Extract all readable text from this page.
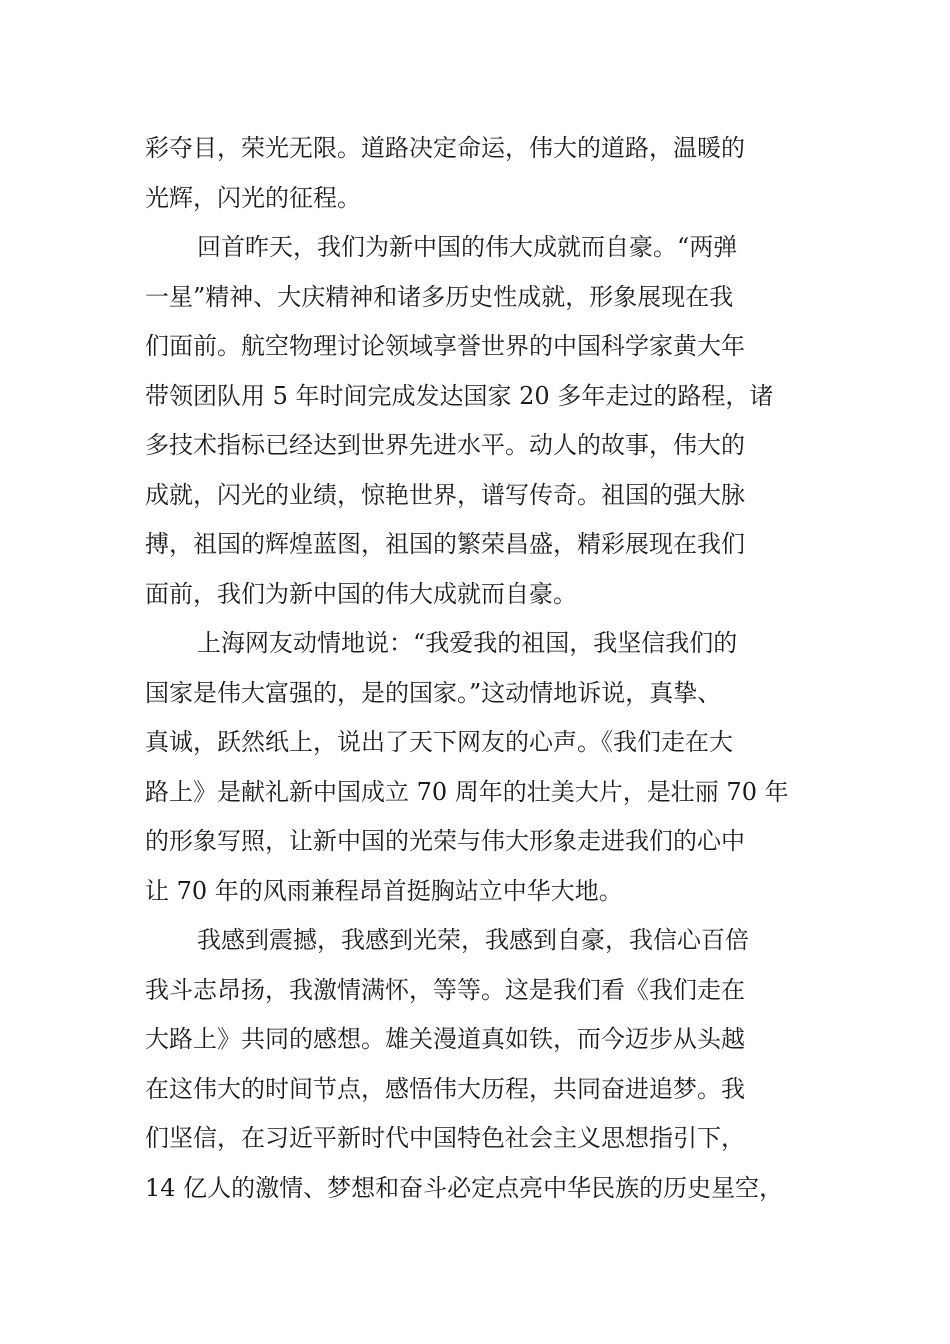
彩夺目，荣光无限。道路决定命运，伟大的道路，温暖的
光辉，闪光的征程。
回首昨天，我们为新中国的伟大成就而自豪。“两弹
一星”精神、大庆精神和诸多历史性成就，形象展现在我
们面前。航空物理讨论领域享誉世界的中国科学家黄大年
带领团队用 5 年时间完成发达国家 20 多年走过的路程，诸
多技术指标已经达到世界先进水平。动人的故事，伟大的
成就，闪光的业绩，惊艳世界，谱写传奇。祖国的强大脉
搏，祖国的辉煌蓝图，祖国的繁荣昌盛，精彩展现在我们
面前，我们为新中国的伟大成就而自豪。
上海网友动情地说：“我爱我的祖国，我坚信我们的
国家是伟大富强的，是的国家。”这动情地诉说，真挚、
真诚，跃然纸上，说出了天下网友的心声。《我们走在大
路上》是献礼新中国成立 70 周年的壮美大片，是壮丽 70 年
的形象写照，让新中国的光荣与伟大形象走进我们的心中
让 70 年的风雨兼程昂首挺胸站立中华大地。
我感到震撼，我感到光荣，我感到自豪，我信心百倍
我斗志昂扬，我激情满怀，等等。这是我们看《我们走在
大路上》共同的感想。雄关漫道真如铁，而今迈步从头越
在这伟大的时间节点，感悟伟大历程，共同奋进追梦。我
们坚信，在习近平新时代中国特色社会主义思想指引下，
14 亿人的激情、梦想和奋斗必定点亮中华民族的历史星空，
